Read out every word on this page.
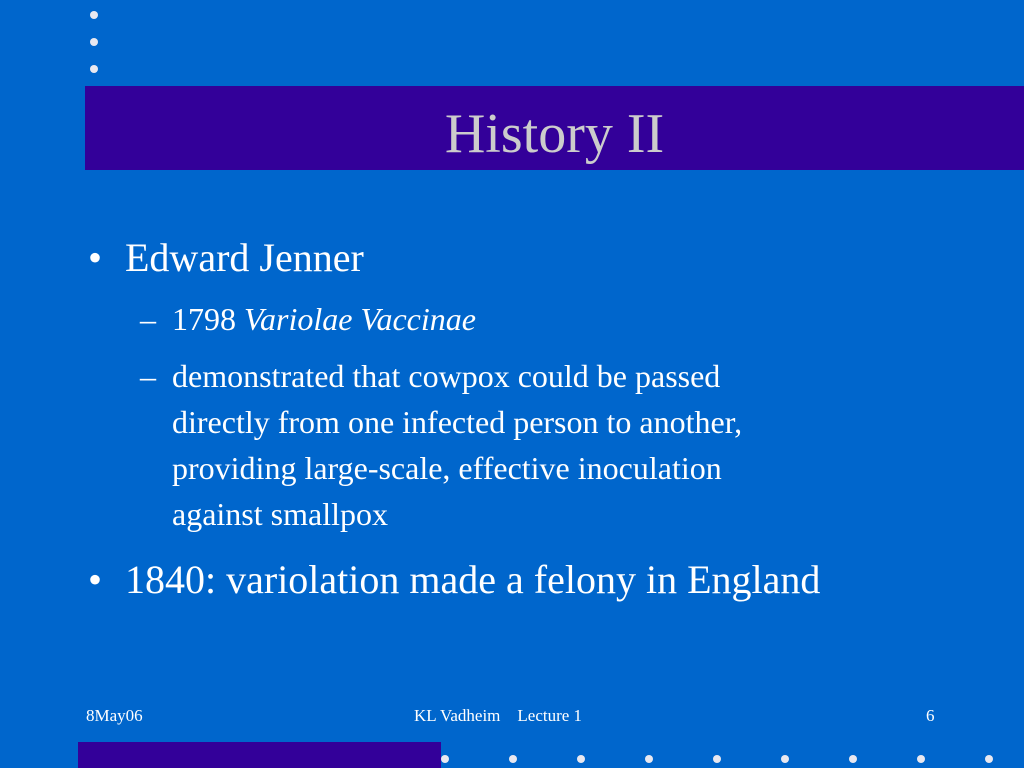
History II
• Edward Jenner
– 1798 Variolae Vaccinae
– demonstrated that cowpox could be passed
directly from one infected person to another,
providing large-scale, effective inoculation
against smallpox
• 1840: variolation made a felony in England
8May06	KL Vadheim    Lecture 1	6
